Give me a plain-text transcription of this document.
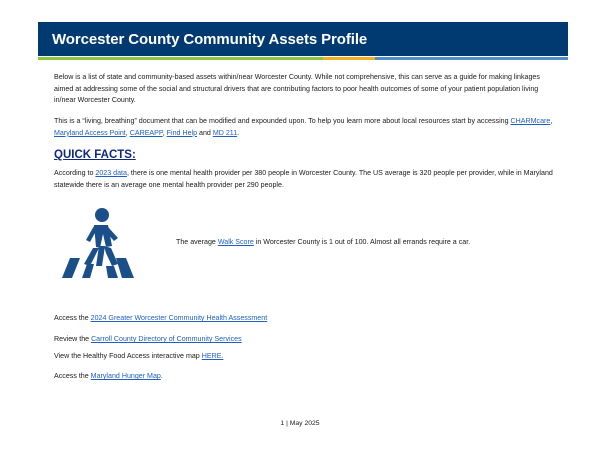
Worcester County Community Assets Profile

Below is a list of state and community-based assets within/near Worcester County. While not comprehensive, this can serve as a guide for making linkages aimed at addressing some of the social and structural drivers that are contributing factors to poor health outcomes of some of your patient population living in/near Worcester County.

This is a “living, breathing” document that can be modified and expounded upon. To help you learn more about local resources start by accessing CHARMcare, Maryland Access Point, CAREAPP, Find Help and MD 211.

QUICK FACTS:

According to 2023 data, there is one mental health provider per 380 people in Worcester County. The US average is 320 people per provider, while in Maryland statewide there is an average one mental health provider per 290 people.

The average Walk Score in Worcester County is 1 out of 100. Almost all errands require a car.

Access the 2024 Greater Worcester Community Health Assessment

Review the Carroll County Directory of Community Services

View the Healthy Food Access interactive map HERE.

Access the Maryland Hunger Map.

1 | May 2025
